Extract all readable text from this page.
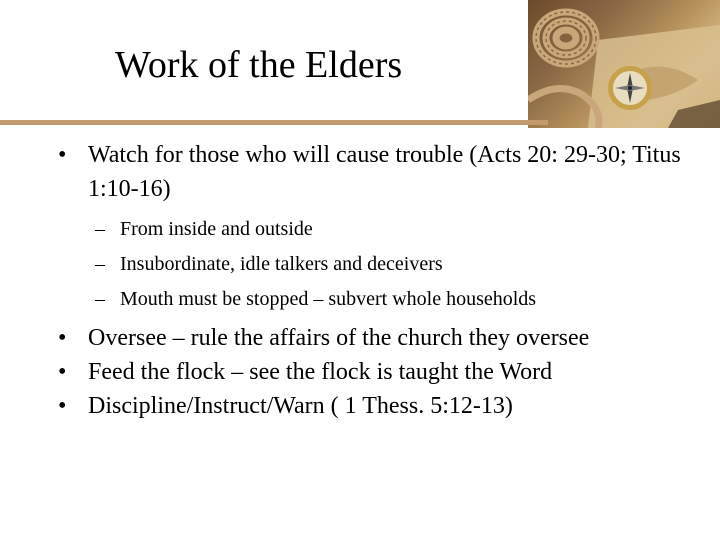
Work of the Elders
• Watch for those who will cause trouble (Acts 20: 29-30; Titus 1:10-16)
– From inside and outside
– Insubordinate, idle talkers and deceivers
– Mouth must be stopped – subvert whole households
• Oversee – rule the affairs of the church they oversee
• Feed the flock – see the flock is taught the Word
• Discipline/Instruct/Warn ( 1 Thess. 5:12-13)
